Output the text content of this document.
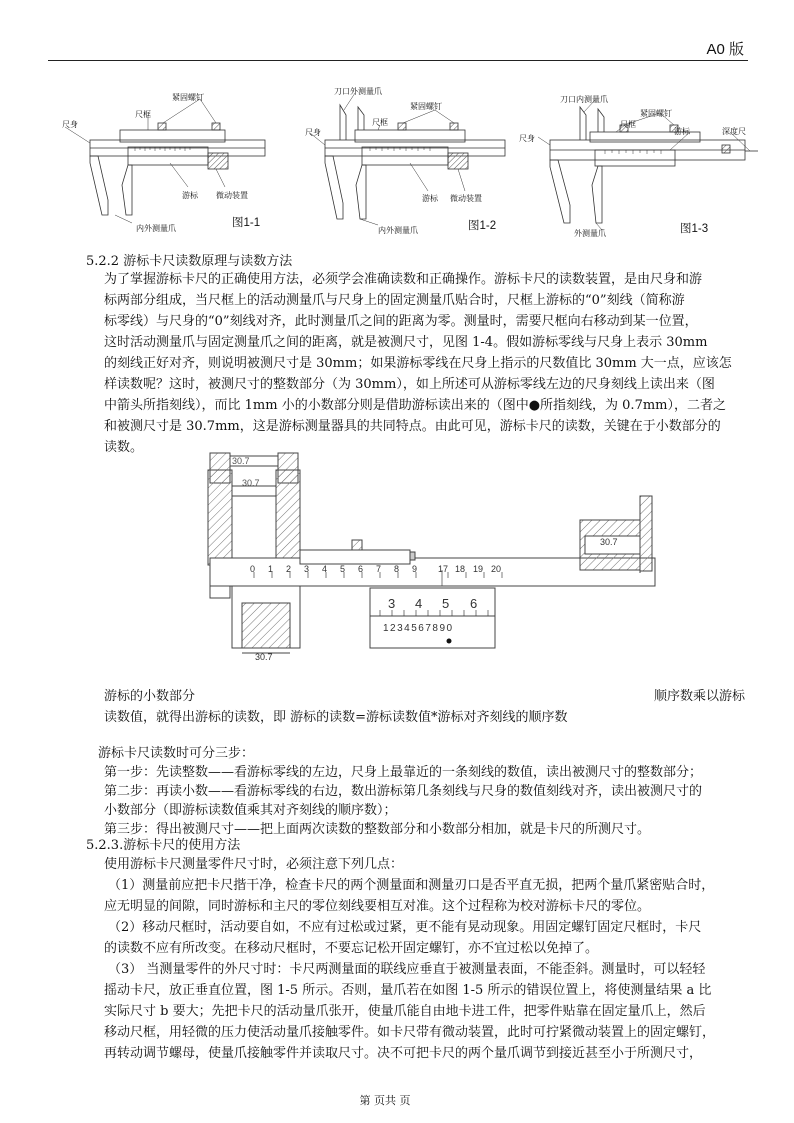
A0 版
尺身
尺框
紧固螺钉
游标 微动装置
内外测量爪	图1-1
刀口外测量爪
紧固螺钉
尺身
尺框
游标 微动装置
内外测量爪	图1-2
刀口内测量爪
紧固螺钉
尺身
尺框
游标	深度尺
外测量爪	图1-3
5.2.2 游标卡尺读数原理与读数方法
为了掌握游标卡尺的正确使用方法，必须学会准确读数和正确操作。游标卡尺的读数装置，是由尺身和游
标两部分组成，当尺框上的活动测量爪与尺身上的固定测量爪贴合时，尺框上游标的“0”刻线（简称游
标零线）与尺身的“0”刻线对齐，此时测量爪之间的距离为零。测量时，需要尺框向右移动到某一位置，
这时活动测量爪与固定测量爪之间的距离，就是被测尺寸，见图 1-4。假如游标零线与尺身上表示 30mm
的刻线正好对齐，则说明被测尺寸是 30mm；如果游标零线在尺身上指示的尺数值比 30mm 大一点，应该怎
样读数呢？这时，被测尺寸的整数部分（为 30mm），如上所述可从游标零线左边的尺身刻线上读出来（图
中箭头所指刻线），而比 1mm 小的小数部分则是借助游标读出来的（图中●所指刻线，为 0.7mm），二者之
和被测尺寸是 30.7mm，这是游标测量器具的共同特点。由此可见，游标卡尺的读数，关键在于小数部分的
读数。
0 1 2 3 4 5 6 7 8 9 17 18 19 20
30.7
30.7
3 4 5 6
1234567890
30.7
30.7
游标的小数部分	顺序数乘以游标
读数值，就得出游标的读数，即 游标的读数=游标读数值*游标对齐刻线的顺序数
游标卡尺读数时可分三步：
第一步：先读整数——看游标零线的左边，尺身上最靠近的一条刻线的数值，读出被测尺寸的整数部分；
第二步：再读小数——看游标零线的右边，数出游标第几条刻线与尺身的数值刻线对齐，读出被测尺寸的
小数部分（即游标读数值乘其对齐刻线的顺序数）；
第三步：得出被测尺寸——把上面两次读数的整数部分和小数部分相加，就是卡尺的所测尺寸。
5.2.3.游标卡尺的使用方法
使用游标卡尺测量零件尺寸时，必须注意下列几点：
（1）测量前应把卡尺揩干净，检查卡尺的两个测量面和测量刃口是否平直无损，把两个量爪紧密贴合时，
应无明显的间隙，同时游标和主尺的零位刻线要相互对准。这个过程称为校对游标卡尺的零位。
（2）移动尺框时，活动要自如，不应有过松或过紧，更不能有晃动现象。用固定螺钉固定尺框时，卡尺
的读数不应有所改变。在移动尺框时，不要忘记松开固定螺钉，亦不宜过松以免掉了。
（3） 当测量零件的外尺寸时：卡尺两测量面的联线应垂直于被测量表面，不能歪斜。测量时，可以轻轻
摇动卡尺，放正垂直位置，图 1-5 所示。否则，量爪若在如图 1-5 所示的错误位置上，将使测量结果 a 比
实际尺寸 b 要大；先把卡尺的活动量爪张开，使量爪能自由地卡进工件，把零件贴靠在固定量爪上，然后
移动尺框，用轻微的压力使活动量爪接触零件。如卡尺带有微动装置，此时可拧紧微动装置上的固定螺钉，
再转动调节螺母，使量爪接触零件并读取尺寸。决不可把卡尺的两个量爪调节到接近甚至小于所测尺寸，
第 页共 页
